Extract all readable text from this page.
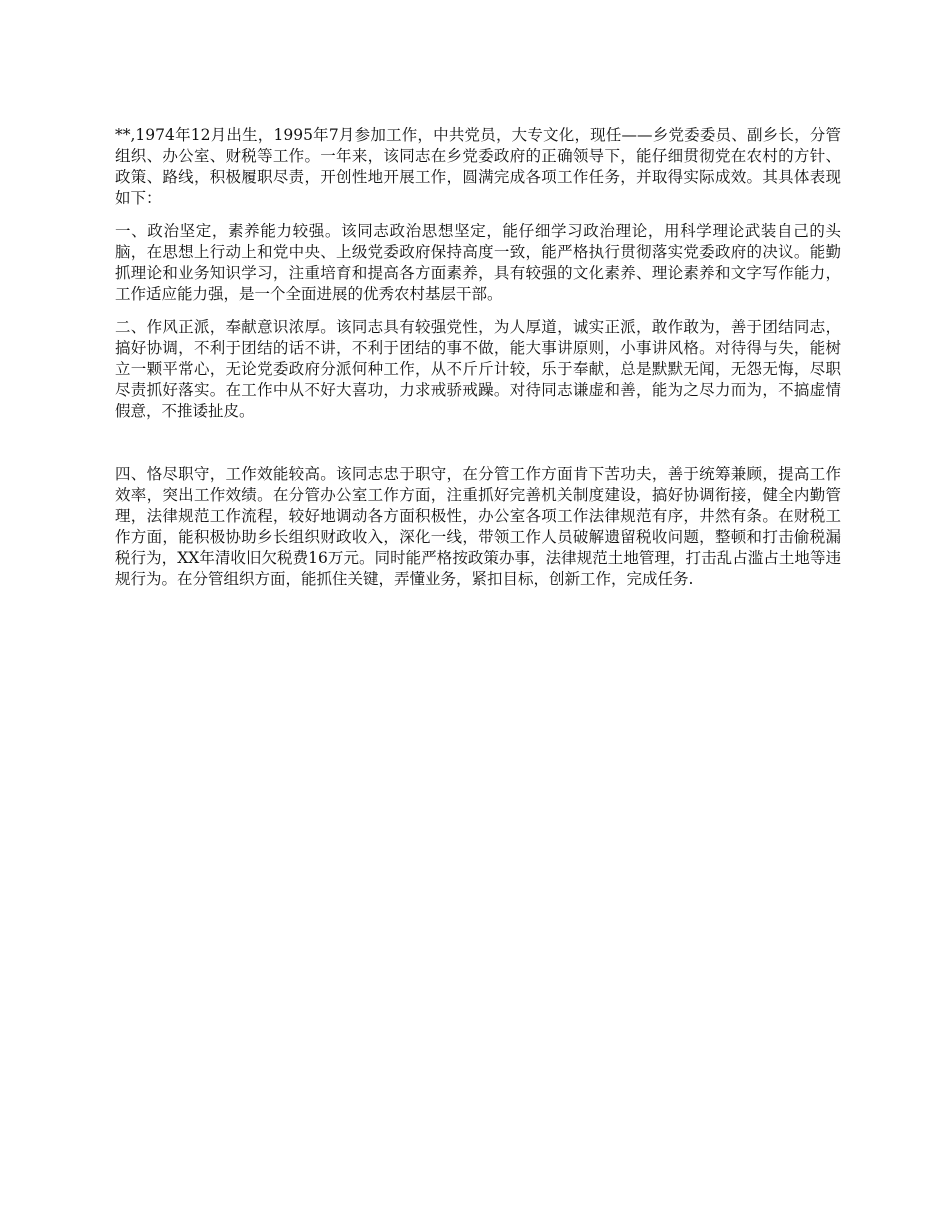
**,1974年12月出生，1995年7月参加工作，中共党员，大专文化，现任——乡党委委员、副乡长，分管组织、办公室、财税等工作。一年来，该同志在乡党委政府的正确领导下，能仔细贯彻党在农村的方针、政策、路线，积极履职尽责，开创性地开展工作，圆满完成各项工作任务，并取得实际成效。其具体表现如下：

一、政治坚定，素养能力较强。该同志政治思想坚定，能仔细学习政治理论，用科学理论武装自己的头脑，在思想上行动上和党中央、上级党委政府保持高度一致，能严格执行贯彻落实党委政府的决议。能勤抓理论和业务知识学习，注重培育和提高各方面素养，具有较强的文化素养、理论素养和文字写作能力，工作适应能力强，是一个全面进展的优秀农村基层干部。

二、作风正派，奉献意识浓厚。该同志具有较强党性，为人厚道，诚实正派，敢作敢为，善于团结同志，搞好协调，不利于团结的话不讲，不利于团结的事不做，能大事讲原则，小事讲风格。对待得与失，能树立一颗平常心，无论党委政府分派何种工作，从不斤斤计较，乐于奉献，总是默默无闻，无怨无悔，尽职尽责抓好落实。在工作中从不好大喜功，力求戒骄戒躁。对待同志谦虚和善，能为之尽力而为，不搞虚情假意，不推诿扯皮。

四、恪尽职守，工作效能较高。该同志忠于职守，在分管工作方面肯下苦功夫，善于统筹兼顾，提高工作效率，突出工作效绩。在分管办公室工作方面，注重抓好完善机关制度建设，搞好协调衔接，健全内勤管理，法律规范工作流程，较好地调动各方面积极性，办公室各项工作法律规范有序，井然有条。在财税工作方面，能积极协助乡长组织财政收入，深化一线，带领工作人员破解遗留税收问题，整顿和打击偷税漏税行为，XX年清收旧欠税费16万元。同时能严格按政策办事，法律规范土地管理，打击乱占滥占土地等违规行为。在分管组织方面，能抓住关键，弄懂业务，紧扣目标，创新工作，完成任务.
